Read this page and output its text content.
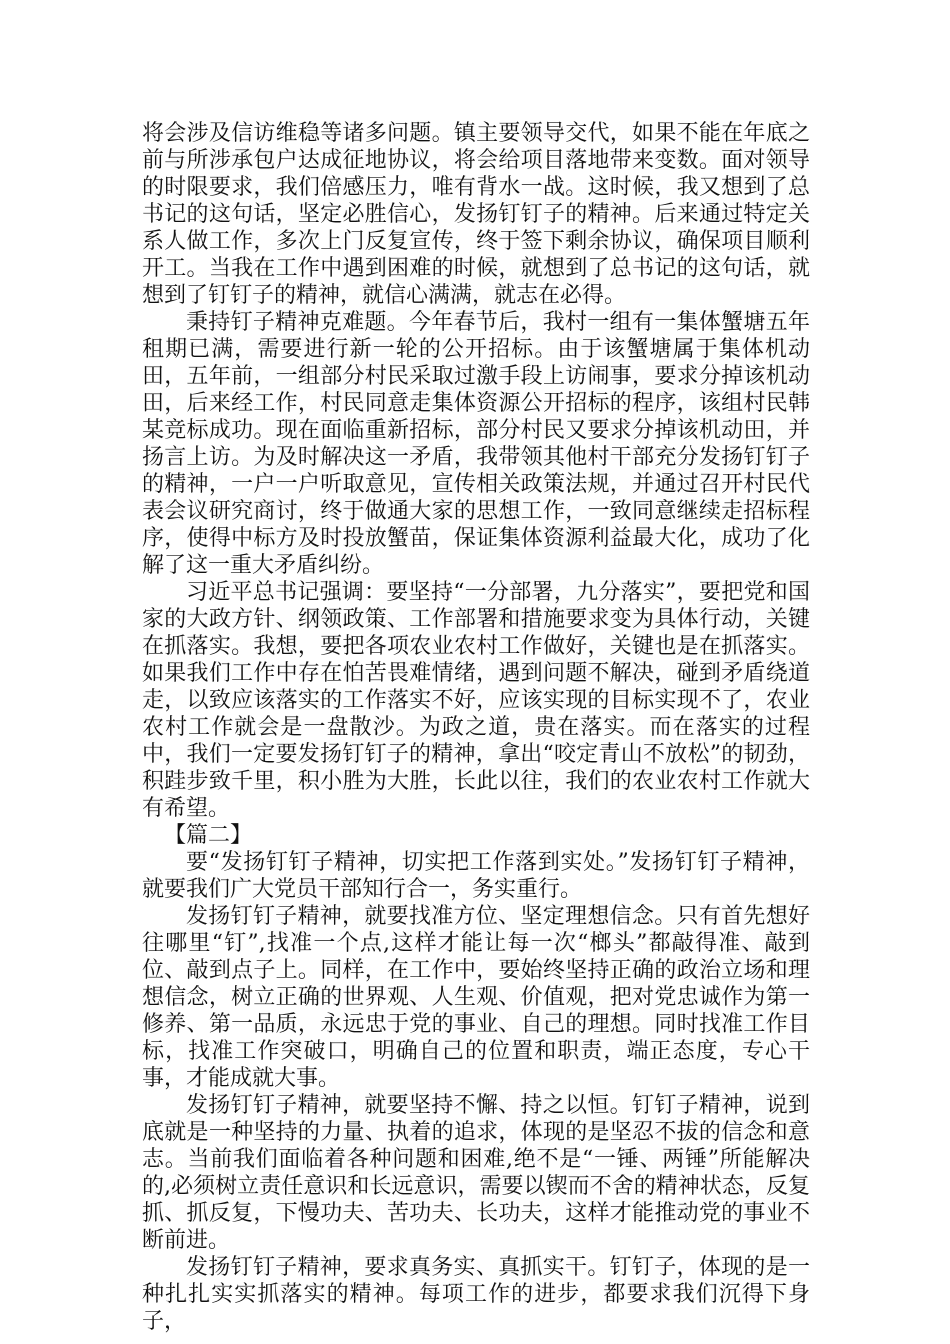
将会涉及信访维稳等诸多问题。镇主要领导交代，如果不能在年底之前与所涉承包户达成征地协议，将会给项目落地带来变数。面对领导的时限要求，我们倍感压力，唯有背水一战。这时候，我又想到了总书记的这句话，坚定必胜信心，发扬钉钉子的精神。后来通过特定关系人做工作，多次上门反复宣传，终于签下剩余协议，确保项目顺利开工。当我在工作中遇到困难的时候，就想到了总书记的这句话，就想到了钉钉子的精神，就信心满满，就志在必得。

秉持钉子精神克难题。今年春节后，我村一组有一集体蟹塘五年租期已满，需要进行新一轮的公开招标。由于该蟹塘属于集体机动田，五年前，一组部分村民采取过激手段上访闹事，要求分掉该机动田，后来经工作，村民同意走集体资源公开招标的程序，该组村民韩某竞标成功。现在面临重新招标，部分村民又要求分掉该机动田，并扬言上访。为及时解决这一矛盾，我带领其他村干部充分发扬钉钉子的精神，一户一户听取意见，宣传相关政策法规，并通过召开村民代表会议研究商讨，终于做通大家的思想工作，一致同意继续走招标程序，使得中标方及时投放蟹苗，保证集体资源利益最大化，成功了化解了这一重大矛盾纠纷。

习近平总书记强调：要坚持“一分部署，九分落实”，要把党和国家的大政方针、纲领政策、工作部署和措施要求变为具体行动，关键在抓落实。我想，要把各项农业农村工作做好，关键也是在抓落实。如果我们工作中存在怕苦畏难情绪，遇到问题不解决，碰到矛盾绕道走，以致应该落实的工作落实不好，应该实现的目标实现不了，农业农村工作就会是一盘散沙。为政之道，贵在落实。而在落实的过程中，我们一定要发扬钉钉子的精神，拿出“咬定青山不放松”的韧劲，积跬步致千里，积小胜为大胜，长此以往，我们的农业农村工作就大有希望。

【篇二】

要“发扬钉钉子精神，切实把工作落到实处。”发扬钉钉子精神，就要我们广大党员干部知行合一，务实重行。

发扬钉钉子精神，就要找准方位、坚定理想信念。只有首先想好往哪里“钉”,找准一个点,这样才能让每一次“榔头”都敲得准、敲到位、敲到点子上。同样，在工作中，要始终坚持正确的政治立场和理想信念，树立正确的世界观、人生观、价值观，把对党忠诚作为第一修养、第一品质，永远忠于党的事业、自己的理想。同时找准工作目标，找准工作突破口，明确自己的位置和职责，端正态度，专心干事，才能成就大事。

发扬钉钉子精神，就要坚持不懈、持之以恒。钉钉子精神，说到底就是一种坚持的力量、执着的追求，体现的是坚忍不拔的信念和意志。当前我们面临着各种问题和困难,绝不是“一锤、两锤”所能解决的,必须树立责任意识和长远意识，需要以锲而不舍的精神状态，反复抓、抓反复，下慢功夫、苦功夫、长功夫，这样才能推动党的事业不断前进。

发扬钉钉子精神，要求真务实、真抓实干。钉钉子，体现的是一种扎扎实实抓落实的精神。每项工作的进步，都要求我们沉得下身子，
